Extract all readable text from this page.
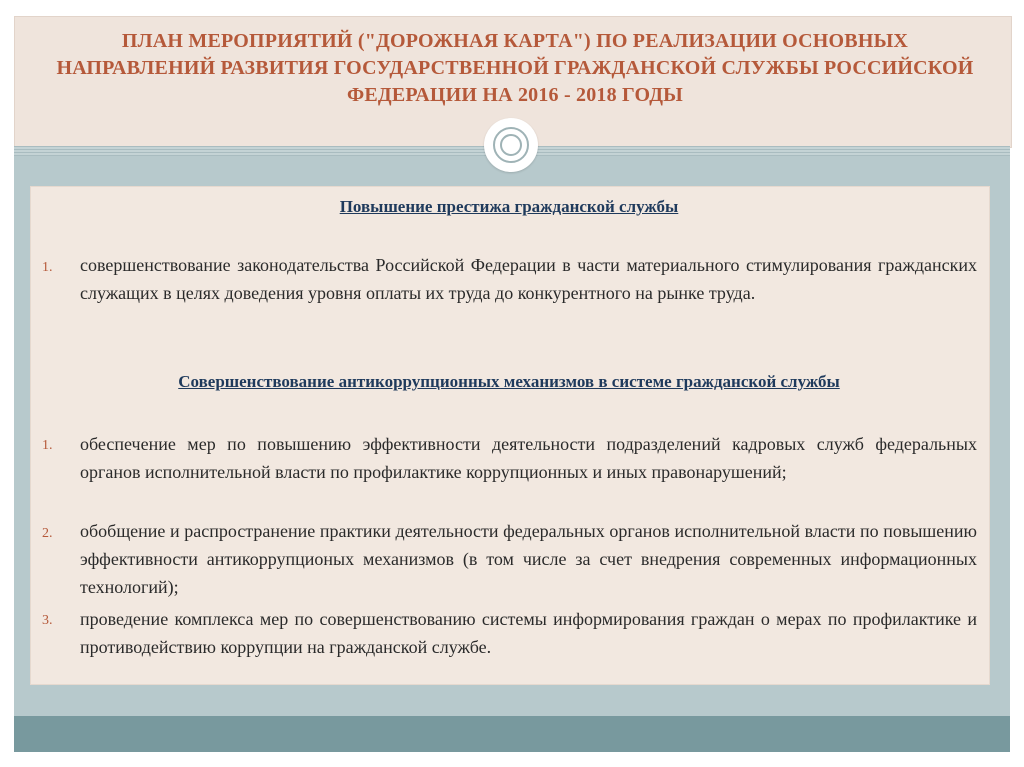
ПЛАН МЕРОПРИЯТИЙ ("ДОРОЖНАЯ КАРТА") ПО РЕАЛИЗАЦИИ ОСНОВНЫХ НАПРАВЛЕНИЙ РАЗВИТИЯ ГОСУДАРСТВЕННОЙ ГРАЖДАНСКОЙ СЛУЖБЫ РОССИЙСКОЙ ФЕДЕРАЦИИ НА 2016 - 2018 ГОДЫ
Повышение престижа гражданской службы
1. совершенствование законодательства Российской Федерации в части материального стимулирования гражданских служащих в целях доведения уровня оплаты их труда до конкурентного на рынке труда.
Совершенствование антикоррупционных механизмов в системе гражданской службы
1. обеспечение мер по повышению эффективности деятельности подразделений кадровых служб федеральных органов исполнительной власти по профилактике коррупционных и иных правонарушений;
2. обобщение и распространение практики деятельности федеральных органов исполнительной власти по повышению эффективности антикоррупционых механизмов (в том числе за счет внедрения современных информационных технологий);
3. проведение комплекса мер по совершенствованию системы информирования граждан о мерах по профилактике и противодействию коррупции на гражданской службе.
